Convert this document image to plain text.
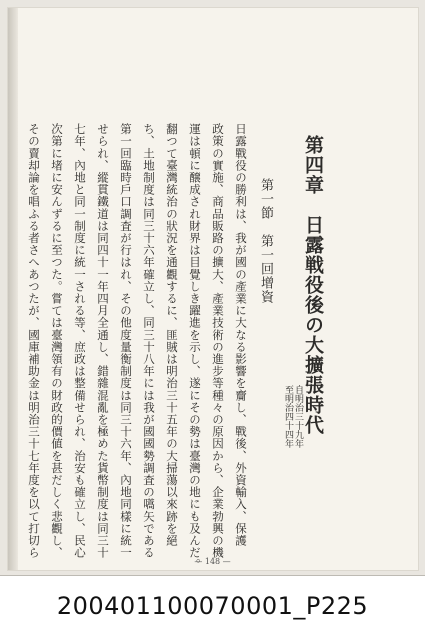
第四章　日露戦役後の大擴張時代
自明治三十九年
至明治四十四年
第一節　第一回增資
日露戰役の勝利は、我が國の產業に大なる影響を齎し、戰後、外資輸入、保護
政策の實施、商品販路の擴大、產業技術の進步等種々の原因から、企業勃興の機
運は頓に醸成され財界は目覺しき躍進を示し、遂にその勢は臺灣の地にも及んだ。
翻つて臺灣統治の狀況を通觀するに、匪賊は明治三十五年の大掃蕩以來跡を絕
ち、土地制度は同三十六年確立し、同三十八年には我が國國勢調査の嚆矢である
第一回臨時戶口調査が行はれ、その他度量衡制度は同三十六年、內地同樣に統一
せられ、縱貫鐵道は同四十一年四月全通し、錯雜混亂を極めた貨幣制度は同三十
七年、內地と同一制度に統一される等、庶政は整備せられ、治安も確立し、民心
次第に堵に安んずるに至つた。嘗ては臺灣領有の財政的價値を甚だしく悲觀し、
その賣却論を唱ふる者さへあつたが、國庫補助金は明治三十七年度を以て打切ら
— 148 —
200401100070001_P225
